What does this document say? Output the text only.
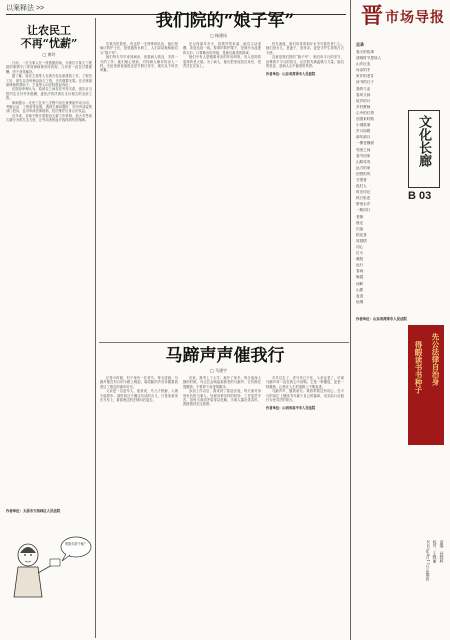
以案释法 >>
让农民工
不再“忧薪”
□ 黄玲

日前，一位当事人在一张借据面前，为被告方拖欠工程款的事情专门来到律师事务所咨询，几年来一直在讨要薪酬，终于获得解决。

据了解，原告王某等人在被告处从事建筑工作，工程完工后，被告以各种理由拖欠工资，多次催要无果。在法律援助律师的帮助下，王某等人向法院提起诉讼。

法院经审理认为，原被告之间存在劳务关系，被告应当按约定支付劳务报酬，遂依法判决被告支付拖欠的全部工资。

律师提示：农民工在务工过程中应注意保留劳动合同、考勤记录、工资条等证据，遇到欠薪问题时，可向劳动监察部门投诉，也可申请法律援助，依法维护自身合法权益。

近年来，各地不断完善根治欠薪工作机制，加大对恶意欠薪行为的打击力度，让劳动者的血汗钱得到有效保障。

作者单位：太原市万柏林区人民法院
哥拖欠给个啥？
我们院的“娘子军”
□ 杨建风

在我们医院里，有这样一支特殊的队伍，她们是病区的护士长，是普通的女职工，人们亲切地称她们为“娘子军”。

她们每天早早来到病房，查看病人情况，安排一天的工作；她们耐心细致，对待病人像对待亲人一样。无论是深夜值班还是节假日坚守，她们从不叫苦叫累。

还记得那年冬天，疫情突然来袭，她们主动请缨，奔赴抗疫一线。厚厚的防护服下，是被汗水浸透的衣衫；口罩勒出的印痕，是她们最美的勋章。

她们中有人是刚做母亲的年轻妈妈，有人是即将退休的老大姐。为了病人，她们把家庭放在身后，把责任扛在肩上。

时光流逝，她们用青春和汗水书写着医者仁心。她们是女儿，是妻子，是母亲，更是守护生命的白衣天使。

这就是我们院的“娘子军”，她们用平凡的坚守，诠释着不平凡的担当，让医院充满温暖与力量。她们的笑容，是病人心中最美的风景。

作者单位：山东省菏泽市人民医院
马蹄声声催我行
□ 马建宇

记得小时候，村子里有一匹老马，每天清晨，马蹄声便在村口的小路上响起，那清脆的声音伴随着我度过了难忘的童年时光。

父亲是一名赶车人，他常说，马儿不停蹄，人就不能停步。那时我还不懂这句话的含义，只是喜欢坐在马车上，看着两边的庄稼向后退去。

后来，我考上了大学，离开了家乡。每当夜深人静的时候，耳边总会响起那熟悉的马蹄声，它仿佛在提醒我：不要停下前进的脚步。

参加工作以后，我来到了基层法庭，每天面对形形色色的当事人，处理各种各样的纠纷。工作虽然辛苦，但每当看到矛盾得以化解，当事人露出笑容时，我便感到无比欣慰。

多年过去了，老马早已不在，父亲也老了，可那马蹄声却一直在我心中回响。它是一种催促，更是一种激励，让我在人生的道路上不断奋进。

马蹄声声，催我前行。我将带着这份初心，在平凡的岗位上继续书写属于自己的篇章，用实际行动践行为民司法的誓言。

作者单位：山西省高平市人民法院
晋 市场导报
文化长廊
B 03
目录
春天的故事
清明时节思故人
山乡巨变
母亲的手
家乡的老井
读书的日子
我的父亲
春风又绿
故乡的月
乡村教师
心中的灯塔
回望来时路
小城故事
岁月如歌
那年那月
一棵老槐树
邻里之间
春节回家
山路弯弯
远方的家
田野的风
守望者
夜归人
时光印记
秋日私语
梦里水乡
一路同行
老街
晨光
归途
稻花香
故园情
初心
灯火
暖阳
远行
春雨
晚霞
河畔
山歌
麦浪
炊烟
作者单位：山东省菏泽市人民法院
先公法律自治身
得暇读书书种子
责编：孙晓辉
校对：王晓丽
2023年8月17日 星期四
